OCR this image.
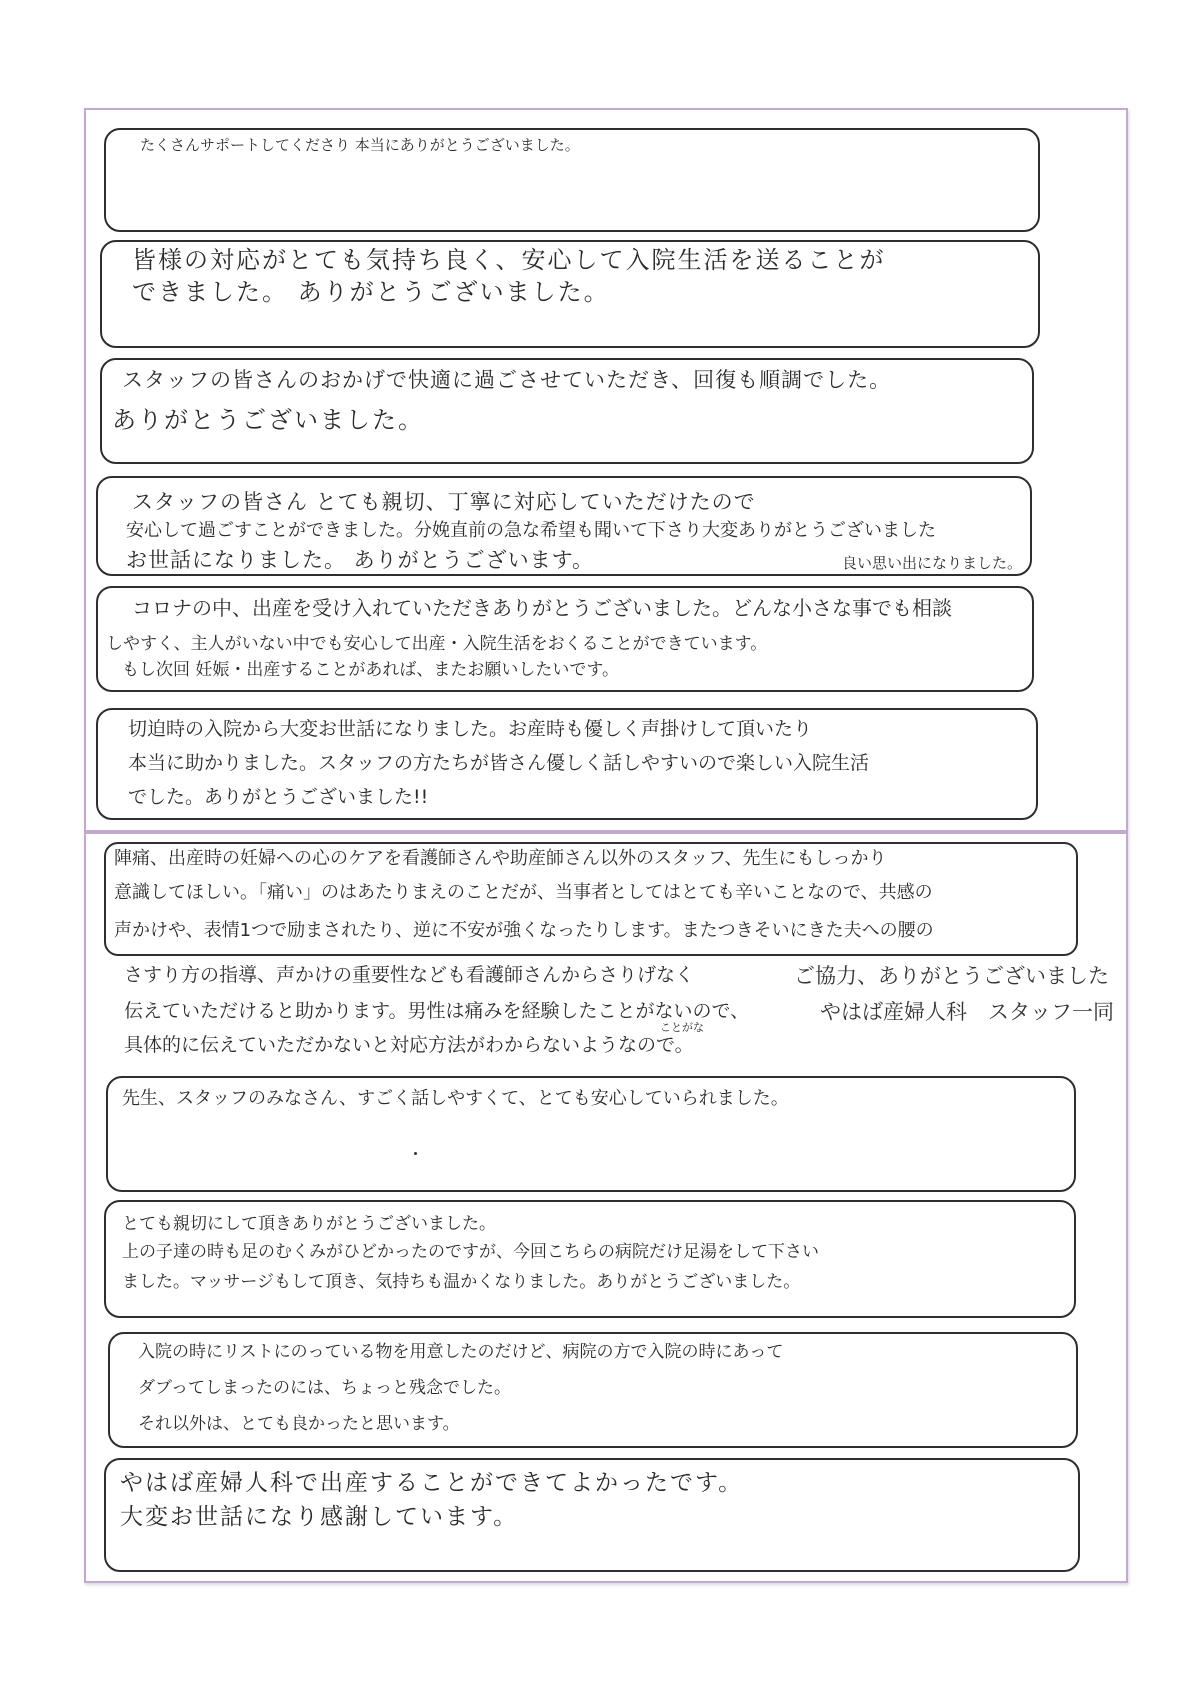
たくさんサポートしてくださり 本当にありがとうございました。
皆様の対応がとても気持ち良く、安心して入院生活を送ることが
できました。 ありがとうございました。
スタッフの皆さんのおかげで快適に過ごさせていただき、回復も順調でした。
ありがとうございました。
スタッフの皆さん とても親切、丁寧に対応していただけたので
安心して過ごすことができました。分娩直前の急な希望も聞いて下さり大変ありがとうございました
お世話になりました。 ありがとうございます。	良い思い出になりました。
コロナの中、出産を受け入れていただきありがとうございました。どんな小さな事でも相談
しやすく、主人がいない中でも安心して出産・入院生活をおくることができています。
もし次回 妊娠・出産することがあれば、またお願いしたいです。
切迫時の入院から大変お世話になりました。お産時も優しく声掛けして頂いたり
本当に助かりました。スタッフの方たちが皆さん優しく話しやすいので楽しい入院生活
でした。ありがとうございました!!
陣痛、出産時の妊婦への心のケアを看護師さんや助産師さん以外のスタッフ、先生にもしっかり
意識してほしい。「痛い」のはあたりまえのことだが、当事者としてはとても辛いことなので、共感の
声かけや、表情1つで励まされたり、逆に不安が強くなったりします。またつきそいにきた夫への腰の
さすり方の指導、声かけの重要性なども看護師さんからさりげなく
伝えていただけると助かります。男性は痛みを経験したことがないので、
ことがな
具体的に伝えていただかないと対応方法がわからないようなので。
ご協力、ありがとうございました
やはば産婦人科　スタッフ一同
先生、スタッフのみなさん、すごく話しやすくて、とても安心していられました。
とても親切にして頂きありがとうございました。
上の子達の時も足のむくみがひどかったのですが、今回こちらの病院だけ足湯をして下さい
ました。マッサージもして頂き、気持ちも温かくなりました。ありがとうございました。
入院の時にリストにのっている物を用意したのだけど、病院の方で入院の時にあって
ダブってしまったのには、ちょっと残念でした。
それ以外は、とても良かったと思います。
やはば産婦人科で出産することができてよかったです。
大変お世話になり感謝しています。
